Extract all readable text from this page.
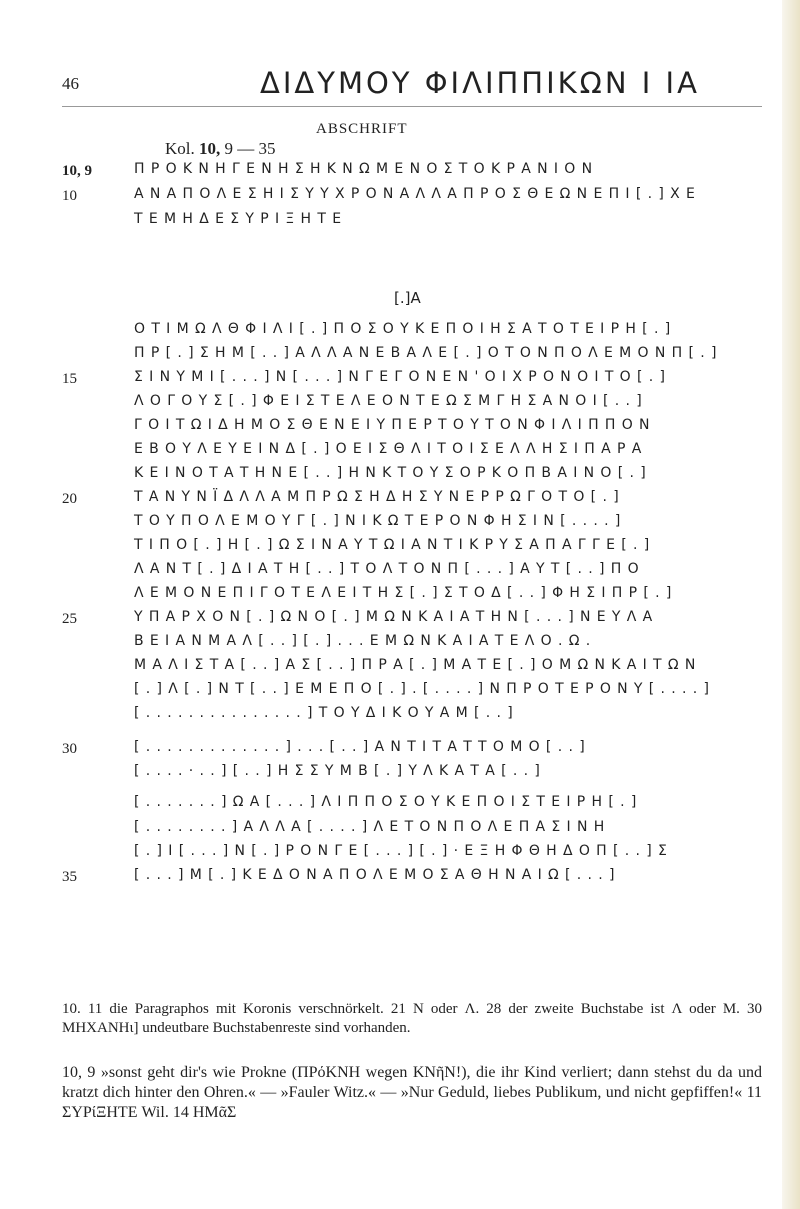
46	ΔΙΔΥΜΟΥ ΦΙΛΙΠΠΙΚΩΝ Ι ΙΑ
ABSCHRIFT
Kol. 10, 9 — 35
[.]A
10, 9	ΠΡΟΚΝΗΓΕΝΗΣΗΚΝΩΜΕΝΟΣΤΟΚΡΑΝΙΟΝ
10	ΑΝΑΠΟΛΕΣΗΙΣΥΥΧΡΟΝΑΛΛΑΠΡΟΣΘΕΩΝΕΠΙ[.]ΧΕ
ΤΕΜΗΔΕΣΥΡΙΞΗΤΕ
ΟΤΙΜΩΛΘΦΙΛΙ[.]ΠΟΣΟΥΚΕΠΟΙΗΣΑΤΟΤΕΙΡΗ[.]
ΠΡ[.]ΣΗΜ[..]ΑΛΛΑΝΕΒΑΛΕ[.]ΟΤΟΝΠΟΛΕΜΟΝΠ[.]
15	ΣΙΝΥΜΙ[...]Ν[...]ΝΓΕΓΟΝΕΝ'ΟΙΧΡΟΝΟΙΤΟ[.]
ΛΟΓΟΥΣ[.]ΦΕΙΣΤΕΛΕΟΝΤΕΩΣΜΓΗΣΑΝΟΙ[..]
ΓΟΙΤΩΙΔΗΜΟΣΘΕΝΕΙΥΠΕΡΤΟΥΤΟΝΦΙΛΙΠΠΟΝ
ΕΒΟΥΛΕΥΕΙΝΔ[.]ΟΕΙΣΘΛΙΤΟΙΣΕΛΛΗΣΙΠΑΡΑ
ΚΕΙΝΟΤΑΤΗΝΕ[..]ΗΝΚΤΟΥΣΟΡΚΟΠΒΑΙΝΟ[.]
20	ΤΑΝΥΝΪΔΛΛΑΜΠΡΩΣΗΔΗΣΥΝΕΡΡΩΓΟΤΟ[.]
ΤΟΥΠΟΛΕΜΟΥΓ[.]ΝΙΚΩΤΕΡΟΝΦΗΣΙΝ[....]
ΤΙΠΟ[.]Η[.]ΩΣΙΝΑΥΤΩΙΑΝΤΙΚΡΥΣΑΠΑΓΓΕ[.]
ΛΑΝΤ[.]ΔΙΑΤΗ[..]ΤΟΛΤΟΝΠ[...]ΑΥΤ[..]ΠΟ
ΛΕΜΟΝΕΠΙΓΟΤΕΛΕΙΤΗΣ[.]ΣΤΟΔ[..]ΦΗΣΙΠΡ[.]
25	ΥΠΑΡΧΟΝ[.]ΩΝΟ[.]ΜΩΝΚΑΙΑΤΗΝ[...]ΝΕΥΛΑ
ΒΕΙΑΝΜΑΛ[..][.]...ΕΜΩΝΚΑΙΑΤΕΛΟ.Ω.
ΜΑΛΙΣΤΑ[..]ΑΣ[..]ΠΡΑ[.]ΜΑΤΕ[.]ΟΜΩΝΚΑΙΤΩΝ
[.]Λ[.]ΝΤ[..]ΕΜΕΠΟ[.].[....]ΝΠΡΟΤΕΡΟΝΥ[....]
[...............]ΤΟΥΔΙΚΟΥΑΜ[..]
30	[.............]...[..]ΑΝΤΙΤΑΤΤΟΜΟ[..]
[....·..][..]ΗΣΣΥΜΒ[.]ΥΛΚΑΤΑ[..]
[.......]ΩΑ[...]ΛΙΠΠΟΣΟΥΚΕΠΟΙΣΤΕΙΡΗ[.]
[........]ΑΛΛΑ[....]ΛΕΤΟΝΠΟΛΕΠΑΣΙΝΗ
[.]Ι[...]Ν[.]ΡΟΝΓΕ[...][.]·ΕΞΗΦΘΗΔΟΠ[..]Σ
35	[...]Μ[.]ΚΕΔΟΝΑΠΟΛΕΜΟΣΑΘΗΝΑΙΩ[...]

10. 11 die Paragraphos mit Koronis verschnörkelt. 21 N oder Λ. 28 der zweite Buchstabe ist Λ oder Μ. 30 ΜΗΧΑΝΗι] undeutbare Buchstabenreste sind vorhanden.

10, 9 »sonst geht dir's wie Prokne (ΠΡόΚΝΗ wegen ΚΝῆΝ!), die ihr Kind verliert; dann stehst du da und kratzt dich hinter den Ohren.« — »Fauler Witz.« — »Nur Geduld, liebes Publikum, und nicht gepfiffen!« 11 ΣΥΡίΞΗΤΕ Wil. 14 ΗΜᾶΣ
